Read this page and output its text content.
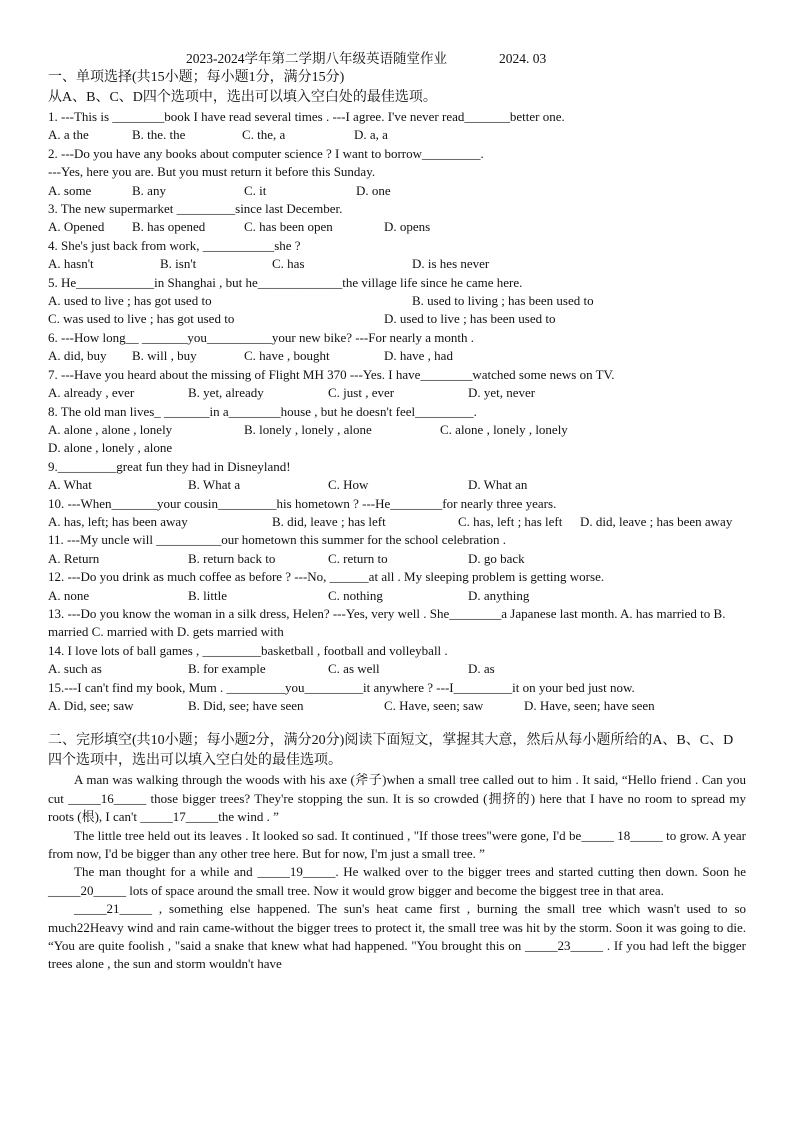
2023-2024学年第二学期八年级英语随堂作业	2024. 03
一、单项选择(共15小题；每小题1分，满分15分)
从A、B、C、D四个选项中，选出可以填入空白处的最佳选项。
1. ---This is ________book I have read several times . ---I agree. I've never read_______better one.
A. a the	B. the. the	C. the, a	D. a, a
2. ---Do you have any books about computer science ? I want to borrow_________.
---Yes, here you are. But you must return it before this Sunday.
A. some	B. any	C. it	D. one
3. The new supermarket _________since last December.
A. Opened	B. has opened	C. has been open	D. opens
4. She's just back from work, ___________she ?
A. hasn't	B. isn't	C. has	D. is hes never
5. He____________in Shanghai , but he_____________the village life since he came here.
A. used to live ; has got used to	B. used to living ; has been used to
C. was used to live ; has got used to	D. used to live ; has been used to
6. ---How long__ _______you__________your new bike? ---For nearly a month .
A. did, buy	B. will , buy	C. have , bought	D. have , had
7. ---Have you heard about the missing of Flight MH 370 ---Yes. I have________watched some news on TV.
A. already , ever	B. yet, already	C. just , ever	D. yet, never
8. The old man lives_ _______in a________house , but he doesn't feel_________.
A. alone , alone , lonely	B. lonely , lonely , alone	C. alone , lonely , lonely
D. alone , lonely , alone
9._________great fun they had in Disneyland!
A. What	B. What a	C. How	D. What an
10. ---When_______your cousin_________his hometown ? ---He________for nearly three years.
A. has, left; has been away	B. did, leave ; has left	C. has, left ; has left	D. did, leave ; has been away
11. ---My uncle will __________our hometown this summer for the school celebration .
A. Return	B. return back to	C. return to	D. go back
12. ---Do you drink as much coffee as before ? ---No, ______at all . My sleeping problem is getting worse.
A. none	B. little	C. nothing	D. anything
13. ---Do you know the woman in a silk dress, Helen? ---Yes, very well . She________a Japanese last month. A. has married to B. married C. married with D. gets married with
14. I love lots of ball games , _________basketball , football and volleyball .
A. such as	B. for example	C. as well	D. as
15.---I can't find my book, Mum . _________you_________it anywhere ? ---I_________it on your bed just now.
A. Did, see; saw	B. Did, see; have seen	C. Have, seen; saw	D. Have, seen; have seen
二、完形填空(共10小题；每小题2分，满分20分)阅读下面短文，掌握其大意，然后从每小题所给的A、B、C、D四个选项中，选出可以填入空白处的最佳选项。
A man was walking through the woods with his axe (斧子)when a small tree called out to him . It said, “Hello friend . Can you cut _____16_____ those bigger trees? They're stopping the sun. It is so crowded (拥挤的) here that I have no room to spread my roots (根), I can't _____17_____the wind . ”
The little tree held out its leaves . It looked so sad. It continued , "If those trees"were gone, I'd be_____ 18_____ to grow. A year from now, I'd be bigger than any other tree here. But for now, I'm just a small tree. ”
The man thought for a while and _____19_____. He walked over to the bigger trees and started cutting then down. Soon he _____20_____ lots of space around the small tree. Now it would grow bigger and become the biggest tree in that area.
_____21_____ , something else happened. The sun's heat came first , burning the small tree which wasn't used to so much22Heavy wind and rain came-without the bigger trees to protect it, the small tree was hit by the storm. Soon it was going to die. “You are quite foolish , "said a snake that knew what had happened. "You brought this on _____23_____ . If you had left the bigger trees alone , the sun and storm wouldn't have
